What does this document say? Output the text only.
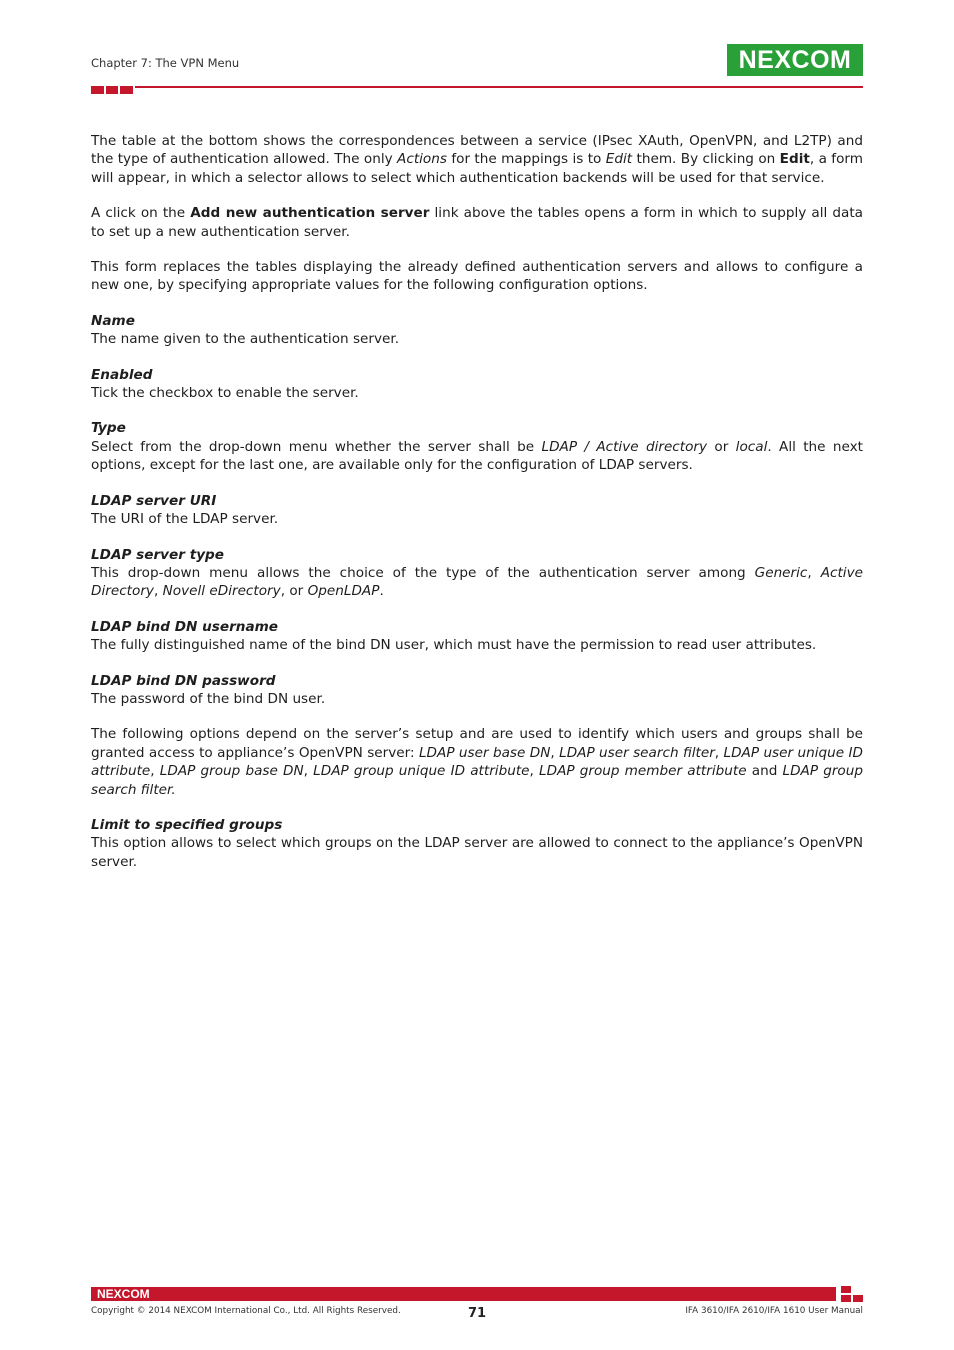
Chapter 7: The VPN Menu	NEXCOM

The table at the bottom shows the correspondences between a service (IPsec XAuth, OpenVPN, and L2TP) and the type of authentication allowed. The only Actions for the mappings is to Edit them. By clicking on Edit, a form will appear, in which a selector allows to select which authentication backends will be used for that service.

A click on the Add new authentication server link above the tables opens a form in which to supply all data to set up a new authentication server.

This form replaces the tables displaying the already defined authentication servers and allows to configure a new one, by specifying appropriate values for the following configuration options.

Name
The name given to the authentication server.

Enabled
Tick the checkbox to enable the server.

Type
Select from the drop-down menu whether the server shall be LDAP / Active directory or local. All the next options, except for the last one, are available only for the configuration of LDAP servers.

LDAP server URI
The URI of the LDAP server.

LDAP server type
This drop-down menu allows the choice of the type of the authentication server among Generic, Active Directory, Novell eDirectory, or OpenLDAP.

LDAP bind DN username
The fully distinguished name of the bind DN user, which must have the permission to read user attributes.

LDAP bind DN password
The password of the bind DN user.

The following options depend on the server’s setup and are used to identify which users and groups shall be granted access to appliance’s OpenVPN server: LDAP user base DN, LDAP user search filter, LDAP user unique ID attribute, LDAP group base DN, LDAP group unique ID attribute, LDAP group member attribute and LDAP group search filter.

Limit to specified groups
This option allows to select which groups on the LDAP server are allowed to connect to the appliance’s OpenVPN server.

NEXCOM
Copyright © 2014 NEXCOM International Co., Ltd. All Rights Reserved.	71	IFA 3610/IFA 2610/IFA 1610 User Manual
